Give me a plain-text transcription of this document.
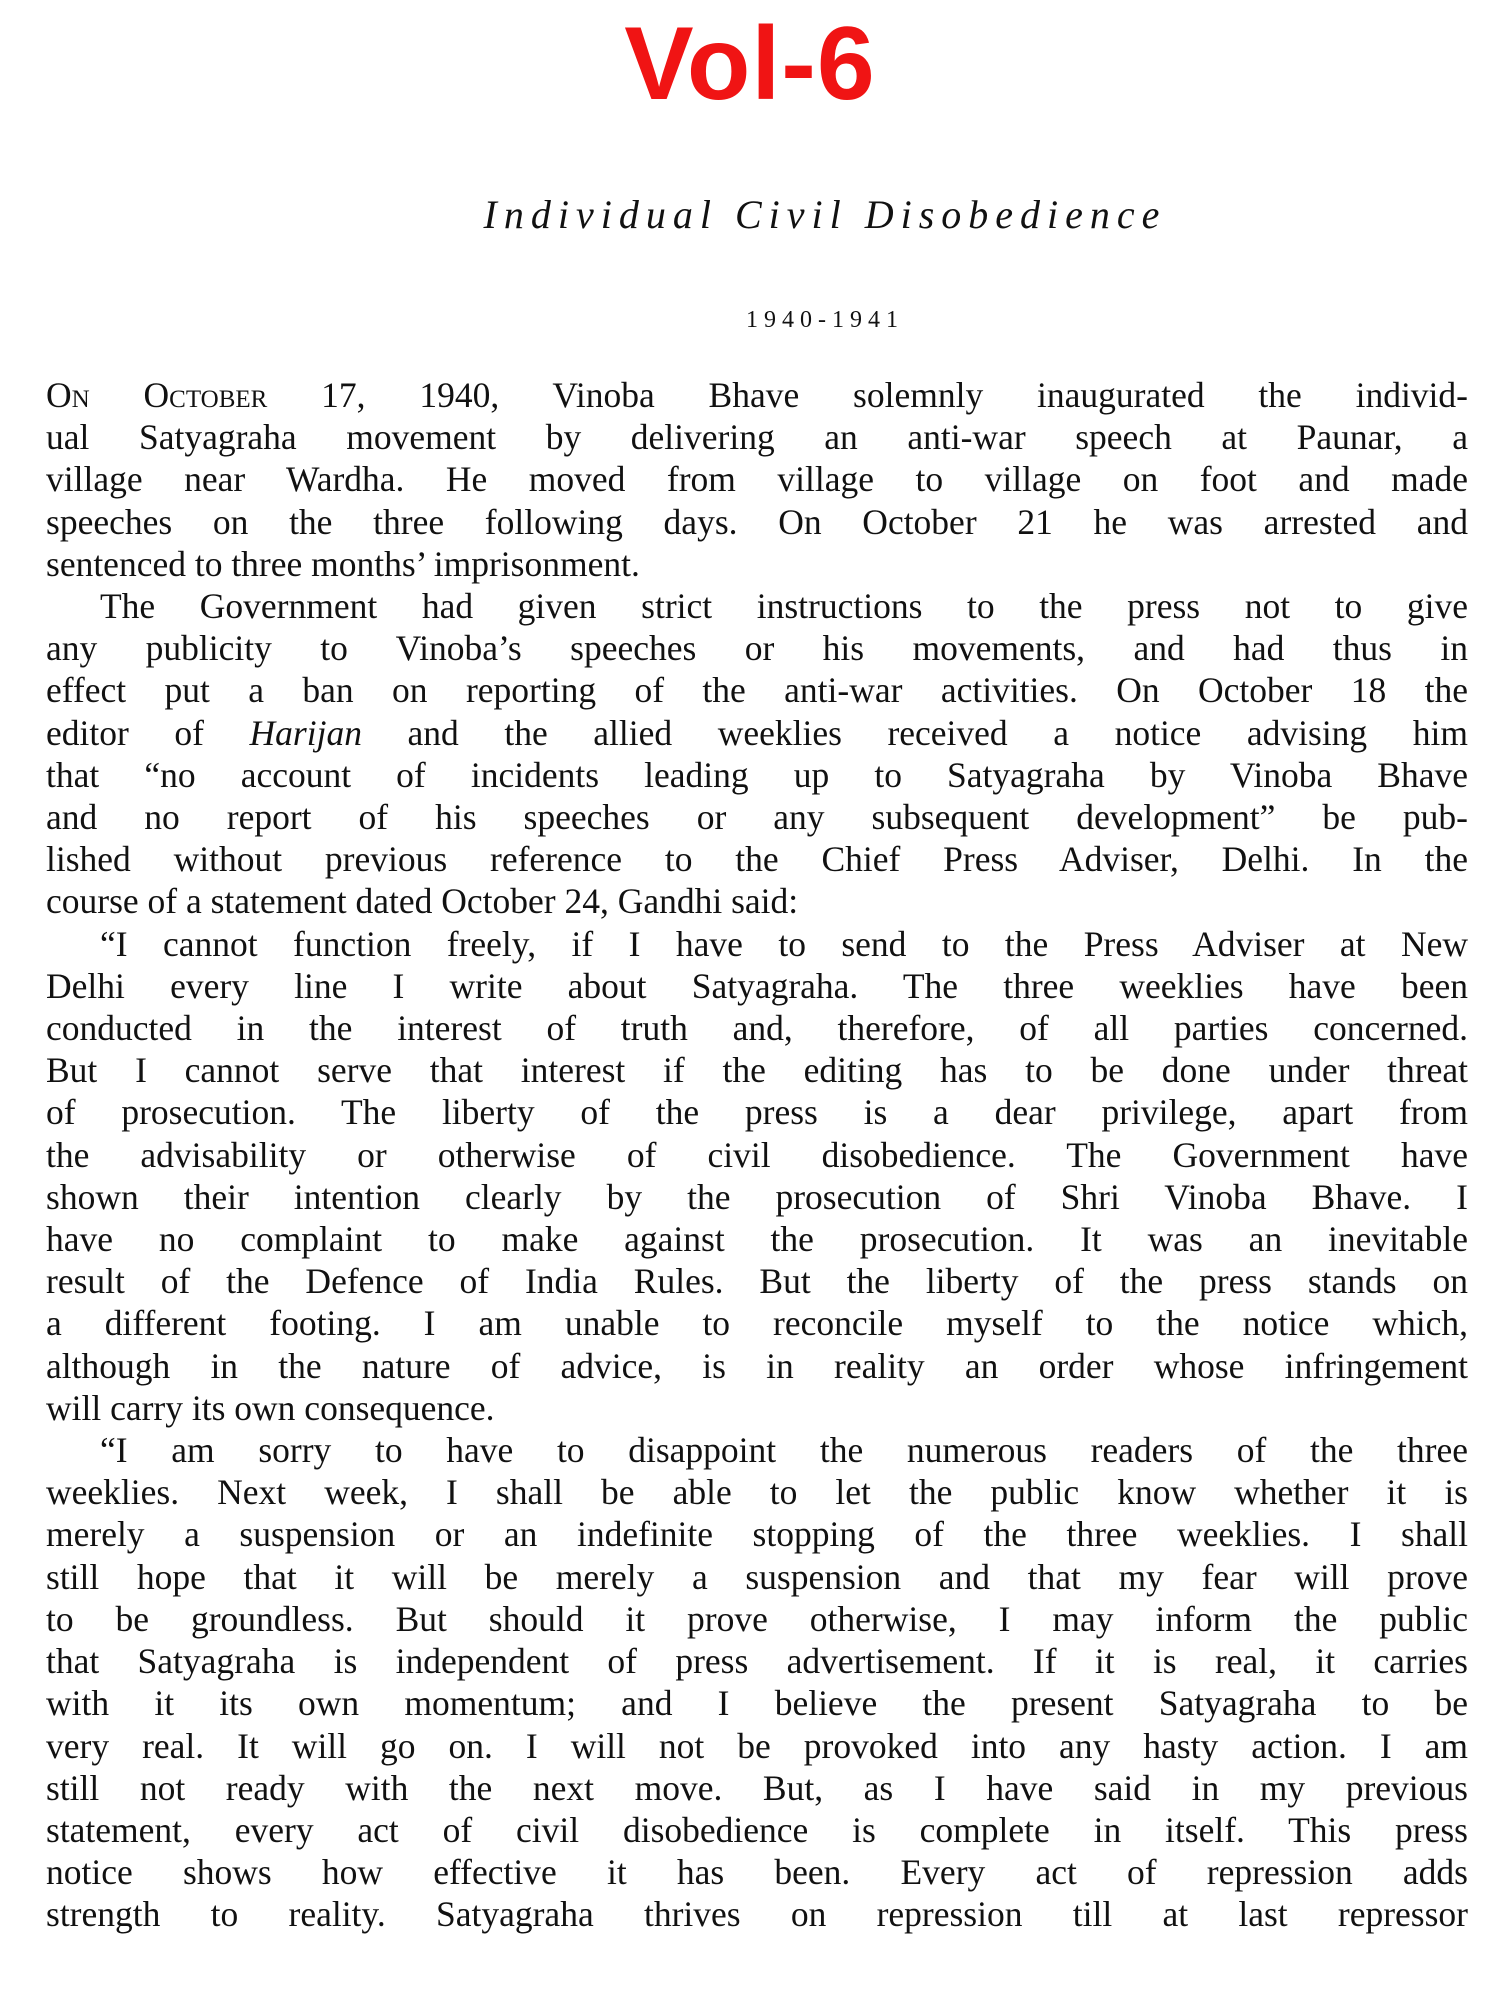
Vol-6
Individual Civil Disobedience
1940-1941

On October 17, 1940, Vinoba Bhave solemnly inaugurated the individ-
ual Satyagraha movement by delivering an anti-war speech at Paunar, a
village near Wardha. He moved from village to village on foot and made
speeches on the three following days. On October 21 he was arrested and
sentenced to three months’ imprisonment.

The Government had given strict instructions to the press not to give
any publicity to Vinoba’s speeches or his movements, and had thus in
effect put a ban on reporting of the anti-war activities. On October 18 the
editor of Harijan and the allied weeklies received a notice advising him
that “no account of incidents leading up to Satyagraha by Vinoba Bhave
and no report of his speeches or any subsequent development” be pub-
lished without previous reference to the Chief Press Adviser, Delhi. In the
course of a statement dated October 24, Gandhi said:

“I cannot function freely, if I have to send to the Press Adviser at New
Delhi every line I write about Satyagraha. The three weeklies have been
conducted in the interest of truth and, therefore, of all parties concerned.
But I cannot serve that interest if the editing has to be done under threat
of prosecution. The liberty of the press is a dear privilege, apart from
the advisability or otherwise of civil disobedience. The Government have
shown their intention clearly by the prosecution of Shri Vinoba Bhave. I
have no complaint to make against the prosecution. It was an inevitable
result of the Defence of India Rules. But the liberty of the press stands on
a different footing. I am unable to reconcile myself to the notice which,
although in the nature of advice, is in reality an order whose infringement
will carry its own consequence.

“I am sorry to have to disappoint the numerous readers of the three
weeklies. Next week, I shall be able to let the public know whether it is
merely a suspension or an indefinite stopping of the three weeklies. I shall
still hope that it will be merely a suspension and that my fear will prove
to be groundless. But should it prove otherwise, I may inform the public
that Satyagraha is independent of press advertisement. If it is real, it carries
with it its own momentum; and I believe the present Satyagraha to be
very real. It will go on. I will not be provoked into any hasty action. I am
still not ready with the next move. But, as I have said in my previous
statement, every act of civil disobedience is complete in itself. This press
notice shows how effective it has been. Every act of repression adds
strength to reality. Satyagraha thrives on repression till at last repressor
